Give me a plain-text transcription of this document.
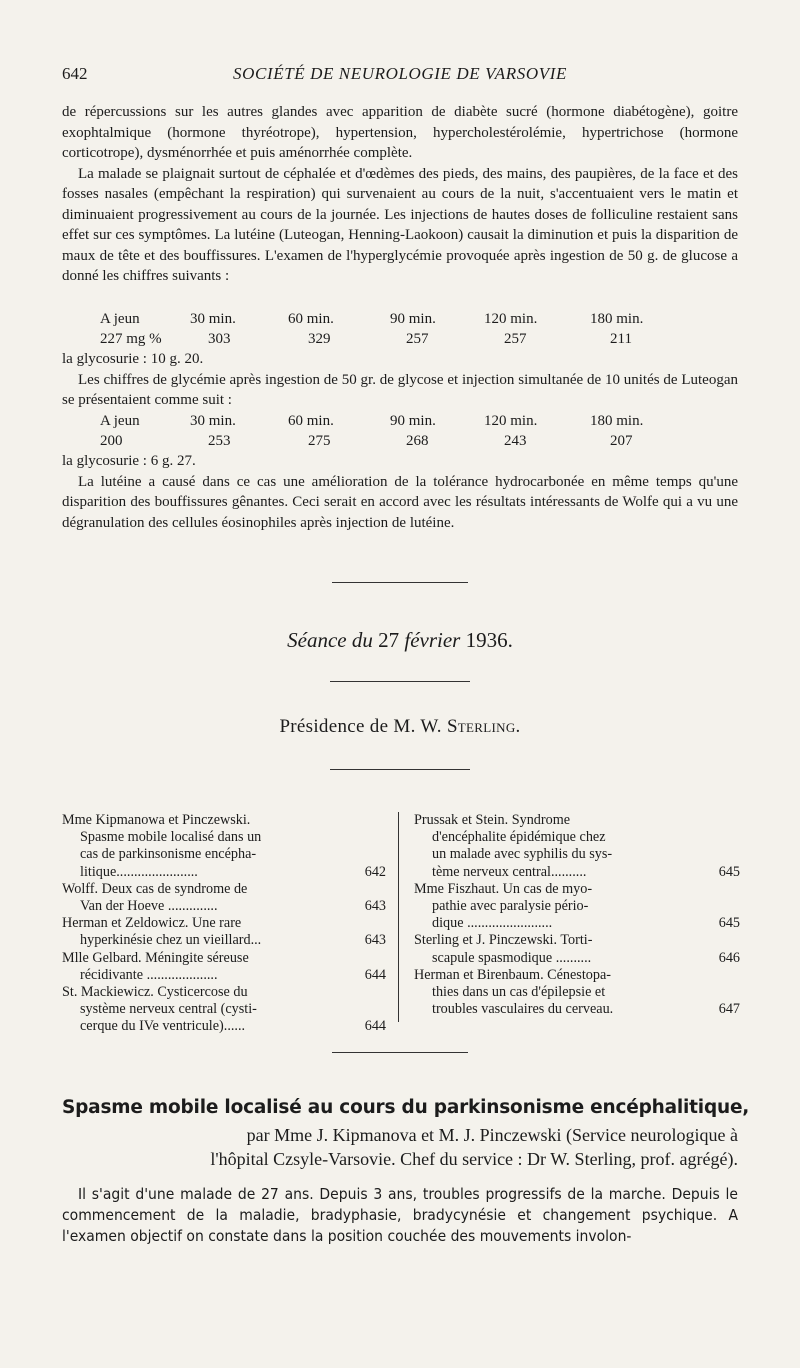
642	SOCIÉTÉ DE NEUROLOGIE DE VARSOVIE

de répercussions sur les autres glandes avec apparition de diabète sucré (hormone diabétogène), goitre exophtalmique (hormone thyréotrope), hypertension, hypercholestérolémie, hypertrichose (hormone corticotrope), dysménorrhée et puis aménorrhée complète.

La malade se plaignait surtout de céphalée et d'œdèmes des pieds, des mains, des paupières, de la face et des fosses nasales (empêchant la respiration) qui survenaient au cours de la nuit, s'accentuaient vers le matin et diminuaient progressivement au cours de la journée. Les injections de hautes doses de folliculine restaient sans effet sur ces symptômes. La lutéine (Luteogan, Henning-Laokoon) causait la diminution et puis la disparition de maux de tête et des bouffissures. L'examen de l'hyperglycémie provoquée après ingestion de 50 g. de glucose a donné les chiffres suivants :

A jeun	30 min.	60 min.	90 min.	120 min.	180 min.
227 mg %	303	329	257	257	211

la glycosurie : 10 g. 20.

Les chiffres de glycémie après ingestion de 50 gr. de glycose et injection simultanée de 10 unités de Luteogan se présentaient comme suit :

A jeun	30 min.	60 min.	90 min.	120 min.	180 min.
200	253	275	268	243	207

la glycosurie : 6 g. 27.

La lutéine a causé dans ce cas une amélioration de la tolérance hydrocarbonée en même temps qu'une disparition des bouffissures gênantes. Ceci serait en accord avec les résultats intéressants de Wolfe qui a vu une dégranulation des cellules éosinophiles après injection de lutéine.

Séance du 27 février 1936.
Présidence de M. W. Sterling.
Mme Kipmanowa et Pinczewski.
Spasme mobile localisé dans un
cas de parkinsonisme encépha-
litique.......................	642
Wolff. Deux cas de syndrome de
Van der Hoeve ..............	643
Herman et Zeldowicz. Une rare
hyperkinésie chez un vieillard...	643
Mlle Gelbard. Méningite séreuse
récidivante ....................	644
St. Mackiewicz. Cysticercose du
système nerveux central (cysti-
cerque du IVe ventricule)......	644
Prussak et Stein. Syndrome
d'encéphalite épidémique chez
un malade avec syphilis du sys-
tème nerveux central..........	645
Mme Fiszhaut. Un cas de myo-
pathie avec paralysie pério-
dique ........................	645
Sterling et J. Pinczewski. Torti-
scapule spasmodique ..........	646
Herman et Birenbaum. Cénestopa-
thies dans un cas d'épilepsie et
troubles vasculaires du cerveau.	647
Spasme mobile localisé au cours du parkinsonisme encéphalitique,
par Mme J. Kipmanova et M. J. Pinczewski (Service neurologique à
l'hôpital Czsyle-Varsovie. Chef du service : Dr W. Sterling, prof. agrégé).

Il s'agit d'une malade de 27 ans. Depuis 3 ans, troubles progressifs de la marche. Depuis le commencement de la maladie, bradyphasie, bradycynésie et changement psychique. A l'examen objectif on constate dans la position couchée des mouvements involon-
